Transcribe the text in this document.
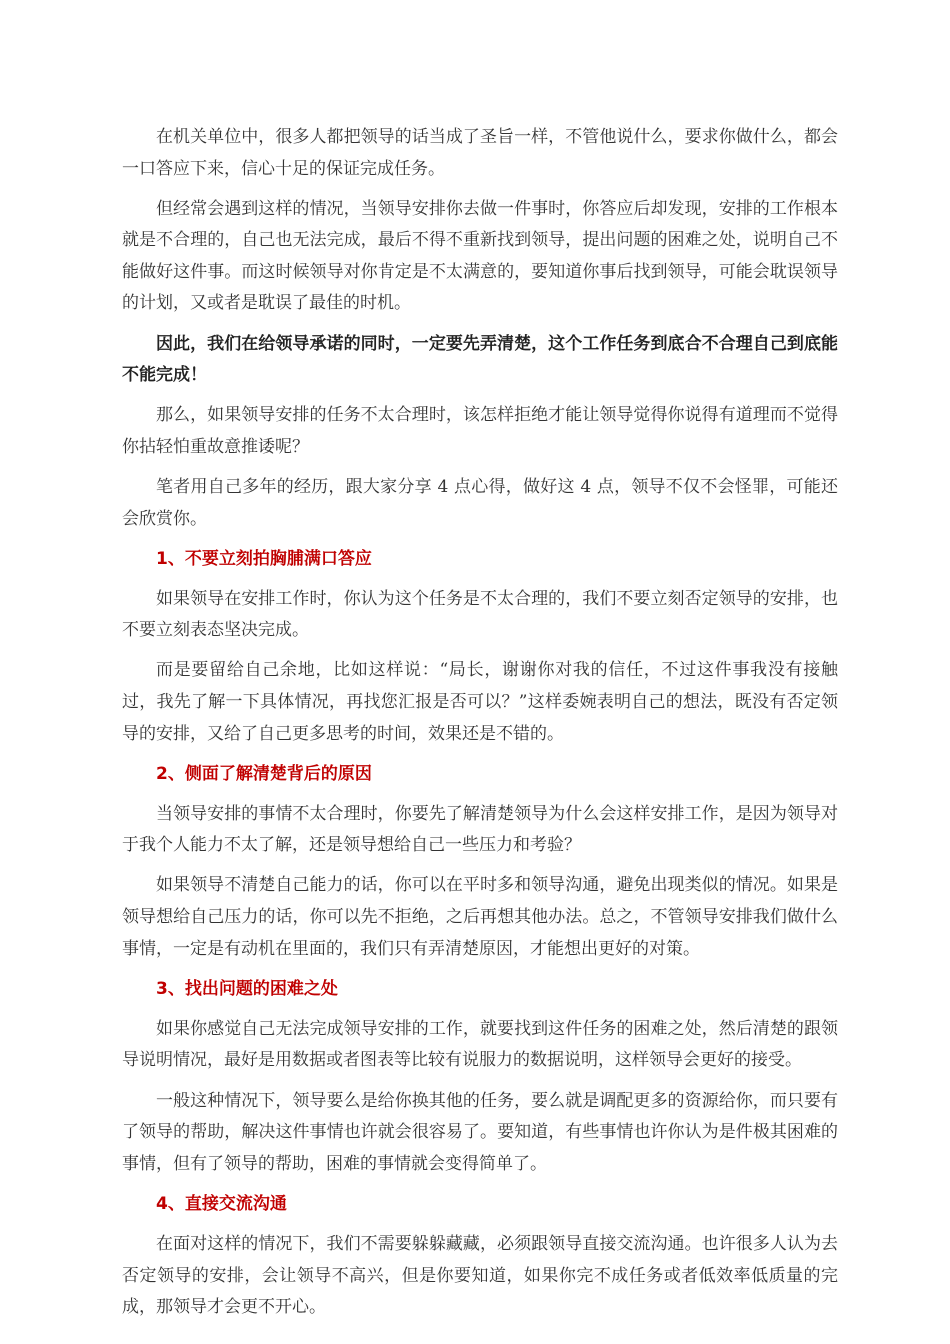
在机关单位中，很多人都把领导的话当成了圣旨一样，不管他说什么，要求你做什么，都会一口答应下来，信心十足的保证完成任务。

但经常会遇到这样的情况，当领导安排你去做一件事时，你答应后却发现，安排的工作根本就是不合理的，自己也无法完成，最后不得不重新找到领导，提出问题的困难之处，说明自己不能做好这件事。而这时候领导对你肯定是不太满意的，要知道你事后找到领导，可能会耽误领导的计划，又或者是耽误了最佳的时机。

因此，我们在给领导承诺的同时，一定要先弄清楚，这个工作任务到底合不合理自己到底能不能完成！

那么，如果领导安排的任务不太合理时，该怎样拒绝才能让领导觉得你说得有道理而不觉得你拈轻怕重故意推诿呢？

笔者用自己多年的经历，跟大家分享 4 点心得，做好这 4 点，领导不仅不会怪罪，可能还会欣赏你。

1、不要立刻拍胸脯满口答应

如果领导在安排工作时，你认为这个任务是不太合理的，我们不要立刻否定领导的安排，也不要立刻表态坚决完成。

而是要留给自己余地，比如这样说：“局长，谢谢你对我的信任，不过这件事我没有接触过，我先了解一下具体情况，再找您汇报是否可以？”这样委婉表明自己的想法，既没有否定领导的安排，又给了自己更多思考的时间，效果还是不错的。

2、侧面了解清楚背后的原因

当领导安排的事情不太合理时，你要先了解清楚领导为什么会这样安排工作，是因为领导对于我个人能力不太了解，还是领导想给自己一些压力和考验？

如果领导不清楚自己能力的话，你可以在平时多和领导沟通，避免出现类似的情况。如果是领导想给自己压力的话，你可以先不拒绝，之后再想其他办法。总之，不管领导安排我们做什么事情，一定是有动机在里面的，我们只有弄清楚原因，才能想出更好的对策。

3、找出问题的困难之处

如果你感觉自己无法完成领导安排的工作，就要找到这件任务的困难之处，然后清楚的跟领导说明情况，最好是用数据或者图表等比较有说服力的数据说明，这样领导会更好的接受。

一般这种情况下，领导要么是给你换其他的任务，要么就是调配更多的资源给你，而只要有了领导的帮助，解决这件事情也许就会很容易了。要知道，有些事情也许你认为是件极其困难的事情，但有了领导的帮助，困难的事情就会变得简单了。

4、直接交流沟通

在面对这样的情况下，我们不需要躲躲藏藏，必须跟领导直接交流沟通。也许很多人认为去否定领导的安排，会让领导不高兴，但是你要知道，如果你完不成任务或者低效率低质量的完成，那领导才会更不开心。
